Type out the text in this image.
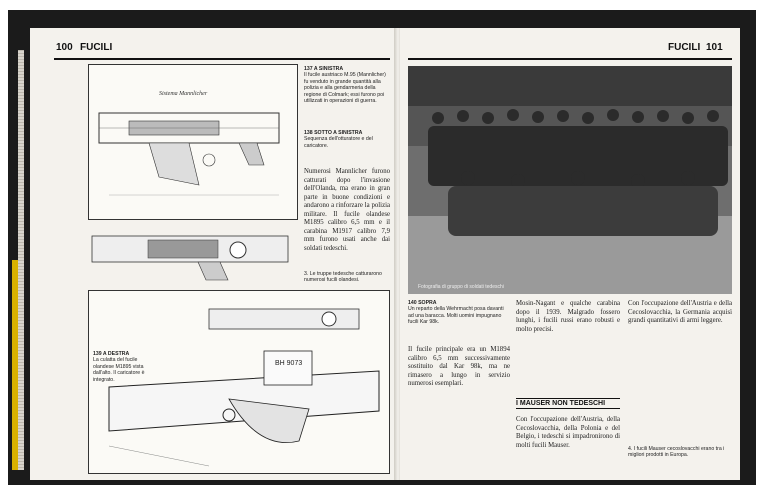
100 FUCILI
Sistema Mannlicher
137 A SINISTRA
Il fucile austriaco M.95 (Mannlicher) fu venduto in grande quantità alla polizia e alla gendarmeria della regione di Colmark; essi furono poi utilizzati in operazioni di guerra.
138 SOTTO A SINISTRA
Sequenza dell'otturatore e del caricatore.
Numerosi Mannlicher furono catturati dopo l'invasione dell'Olanda, ma erano in gran parte in buone condizioni e andarono a rinforzare la polizia militare. Il fucile olandese M1895 calibro 6,5 mm e il carabina M1917 calibro 7,9 mm furono usati anche dai soldati tedeschi.
3. Le truppe tedesche catturarono numerosi fucili olandesi.
BH 9073
139 A DESTRA
La culatta del fucile olandese M1895 vista dall'alto. Il caricatore è integrato.
FUCILI 101
Fotografia di gruppo di soldati tedeschi
140 SOPRA
Un reparto della Wehrmacht posa davanti ad una baracca. Molti uomini impugnano fucili Kar 98k.
Il fucile principale era un M1894 calibro 6,5 mm successivamente sostituito dal Kar 98k, ma ne rimasero a lungo in servizio numerosi esemplari.
Mosin-Nagant e qualche carabina dopo il 1939. Malgrado fossero lunghi, i fucili russi erano robusti e molto precisi.
I MAUSER NON TEDESCHI
Con l'occupazione dell'Austria, della Cecoslovacchia, della Polonia e del Belgio, i tedeschi si impadronirono di molti fucili Mauser.
Con l'occupazione dell'Austria e della Cecoslovacchia, la Germania acquisì grandi quantitativi di armi leggere.
4. I fucili Mauser cecoslovacchi erano tra i migliori prodotti in Europa.
